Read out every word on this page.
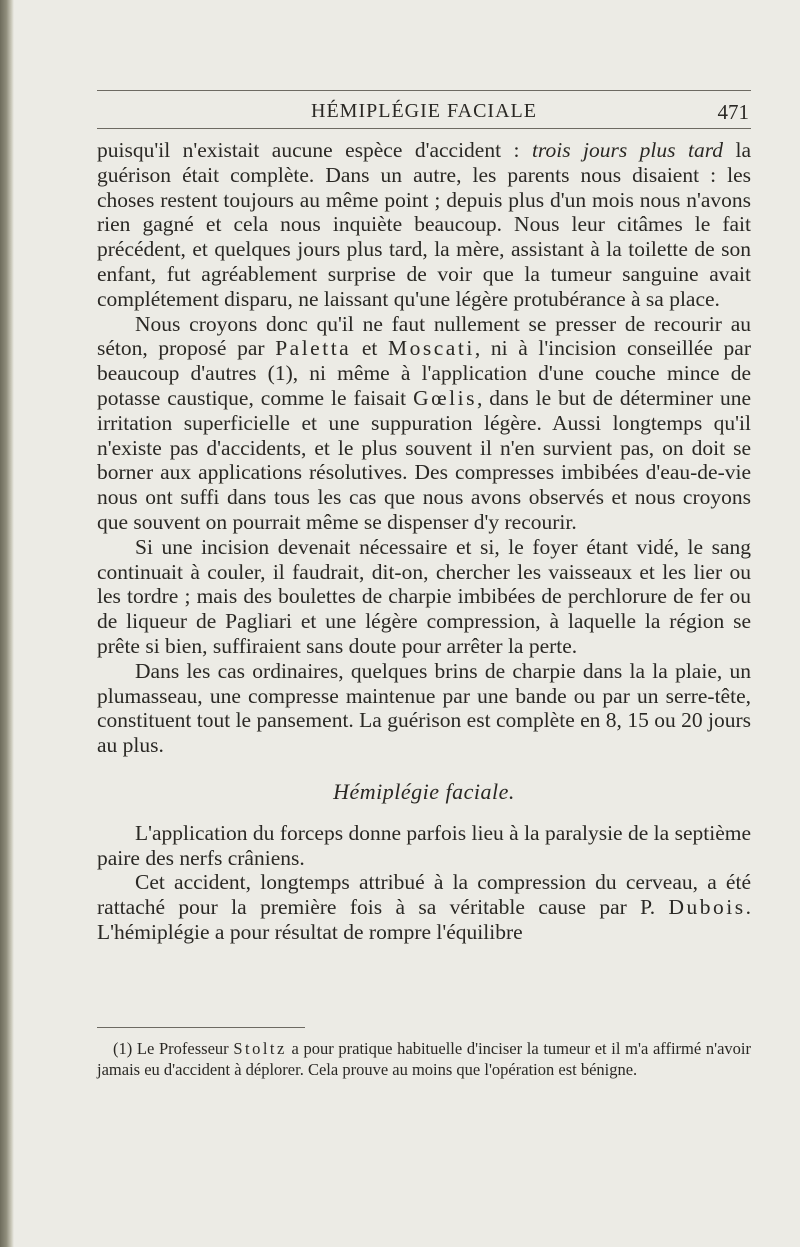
HÉMIPLÉGIE FACIALE	471

puisqu'il n'existait aucune espèce d'accident : trois jours plus tard la guérison était complète. Dans un autre, les parents nous disaient : les choses restent toujours au même point ; depuis plus d'un mois nous n'avons rien gagné et cela nous inquiète beaucoup. Nous leur citâmes le fait précédent, et quelques jours plus tard, la mère, assistant à la toilette de son enfant, fut agréablement surprise de voir que la tumeur sanguine avait complétement disparu, ne laissant qu'une légère protubérance à sa place.

Nous croyons donc qu'il ne faut nullement se presser de recourir au séton, proposé par Paletta et Moscati, ni à l'incision conseillée par beaucoup d'autres (1), ni même à l'application d'une couche mince de potasse caustique, comme le faisait Gœlis, dans le but de déterminer une irritation superficielle et une suppuration légère. Aussi longtemps qu'il n'existe pas d'accidents, et le plus souvent il n'en survient pas, on doit se borner aux applications résolutives. Des compresses imbibées d'eau-de-vie nous ont suffi dans tous les cas que nous avons observés et nous croyons que souvent on pourrait même se dispenser d'y recourir.

Si une incision devenait nécessaire et si, le foyer étant vidé, le sang continuait à couler, il faudrait, dit-on, chercher les vaisseaux et les lier ou les tordre ; mais des boulettes de charpie imbibées de perchlorure de fer ou de liqueur de Pagliari et une légère compression, à laquelle la région se prête si bien, suffiraient sans doute pour arrêter la perte.

Dans les cas ordinaires, quelques brins de charpie dans la la plaie, un plumasseau, une compresse maintenue par une bande ou par un serre-tête, constituent tout le pansement. La guérison est complète en 8, 15 ou 20 jours au plus.

Hémiplégie faciale.

L'application du forceps donne parfois lieu à la paralysie de la septième paire des nerfs crâniens.

Cet accident, longtemps attribué à la compression du cerveau, a été rattaché pour la première fois à sa véritable cause par P. Dubois. L'hémiplégie a pour résultat de rompre l'équilibre

(1) Le Professeur Stoltz a pour pratique habituelle d'inciser la tumeur et il m'a affirmé n'avoir jamais eu d'accident à déplorer. Cela prouve au moins que l'opération est bénigne.
